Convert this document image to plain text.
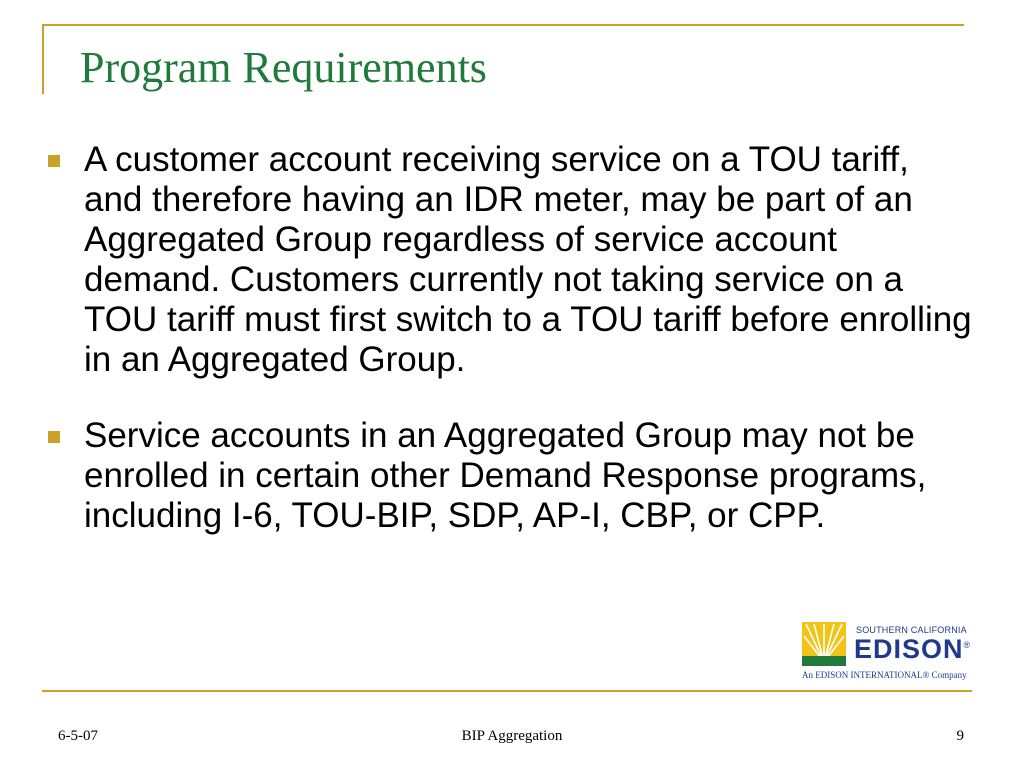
Program Requirements
A customer account receiving service on a TOU tariff, and therefore having an IDR meter, may be part of an Aggregated Group regardless of service account demand. Customers currently not taking service on a TOU tariff must first switch to a TOU tariff before enrolling in an Aggregated Group.
Service accounts in an Aggregated Group may not be enrolled in certain other Demand Response programs, including I-6, TOU-BIP, SDP, AP-I, CBP, or CPP.
SOUTHERN CALIFORNIA
EDISON®
An EDISON INTERNATIONAL® Company
6-5-07	BIP Aggregation	9
